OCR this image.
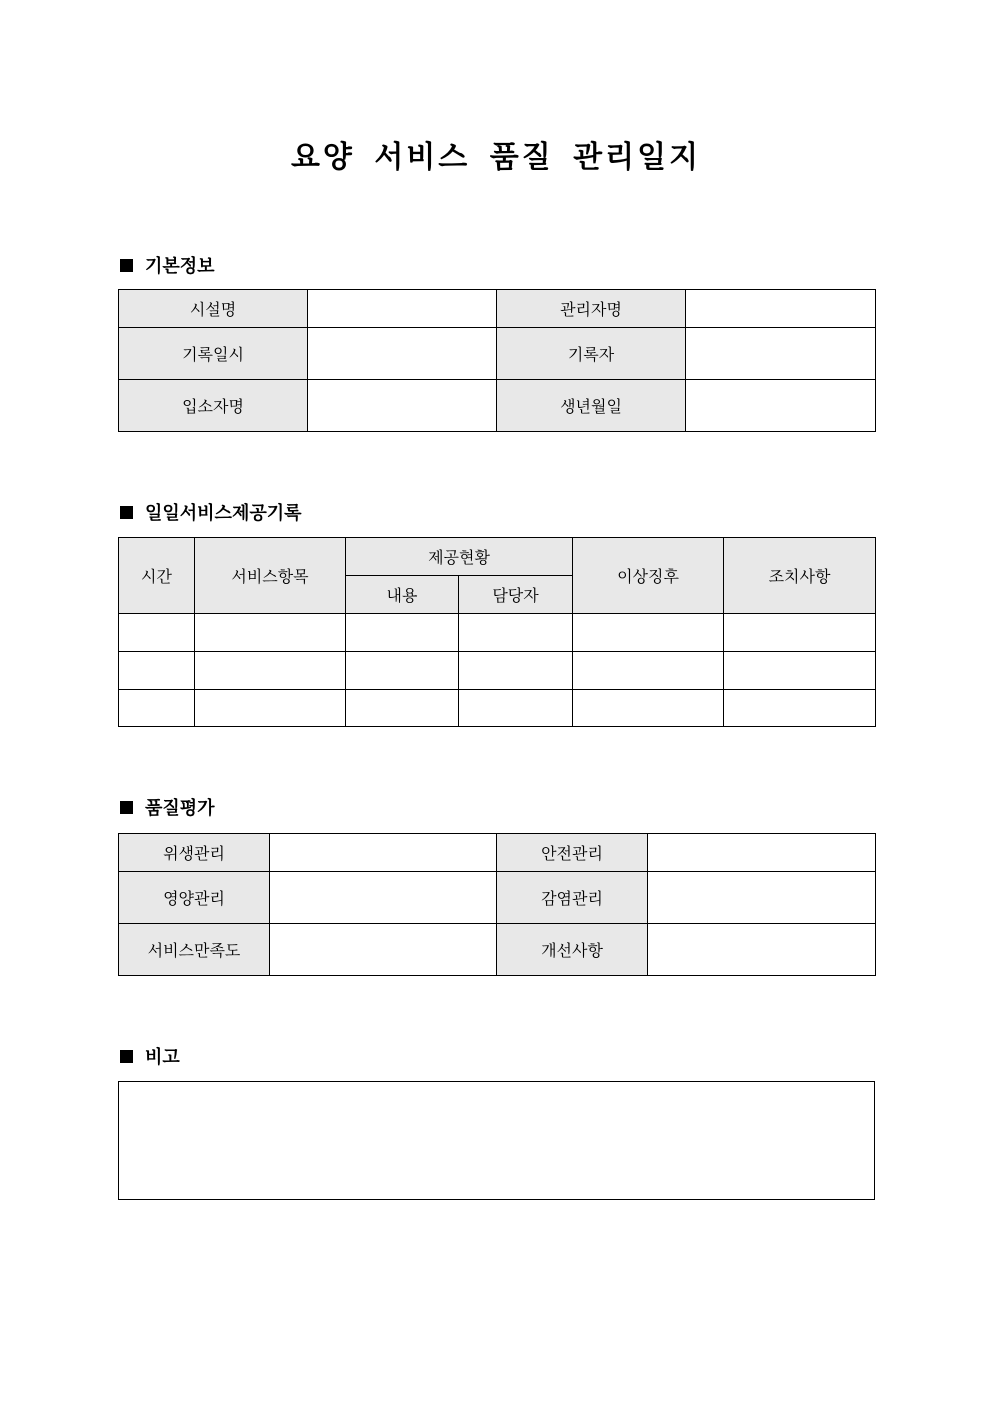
요양 서비스 품질 관리일지
기본정보
시설명		관리자명	
기록일시		기록자	
입소자명		생년월일	
일일서비스제공기록
시간	서비스항목	제공현황		이상징후	조치사항
		내용	담당자		

품질평가
위생관리		안전관리	
영양관리		감염관리	
서비스만족도		개선사항	
비고
